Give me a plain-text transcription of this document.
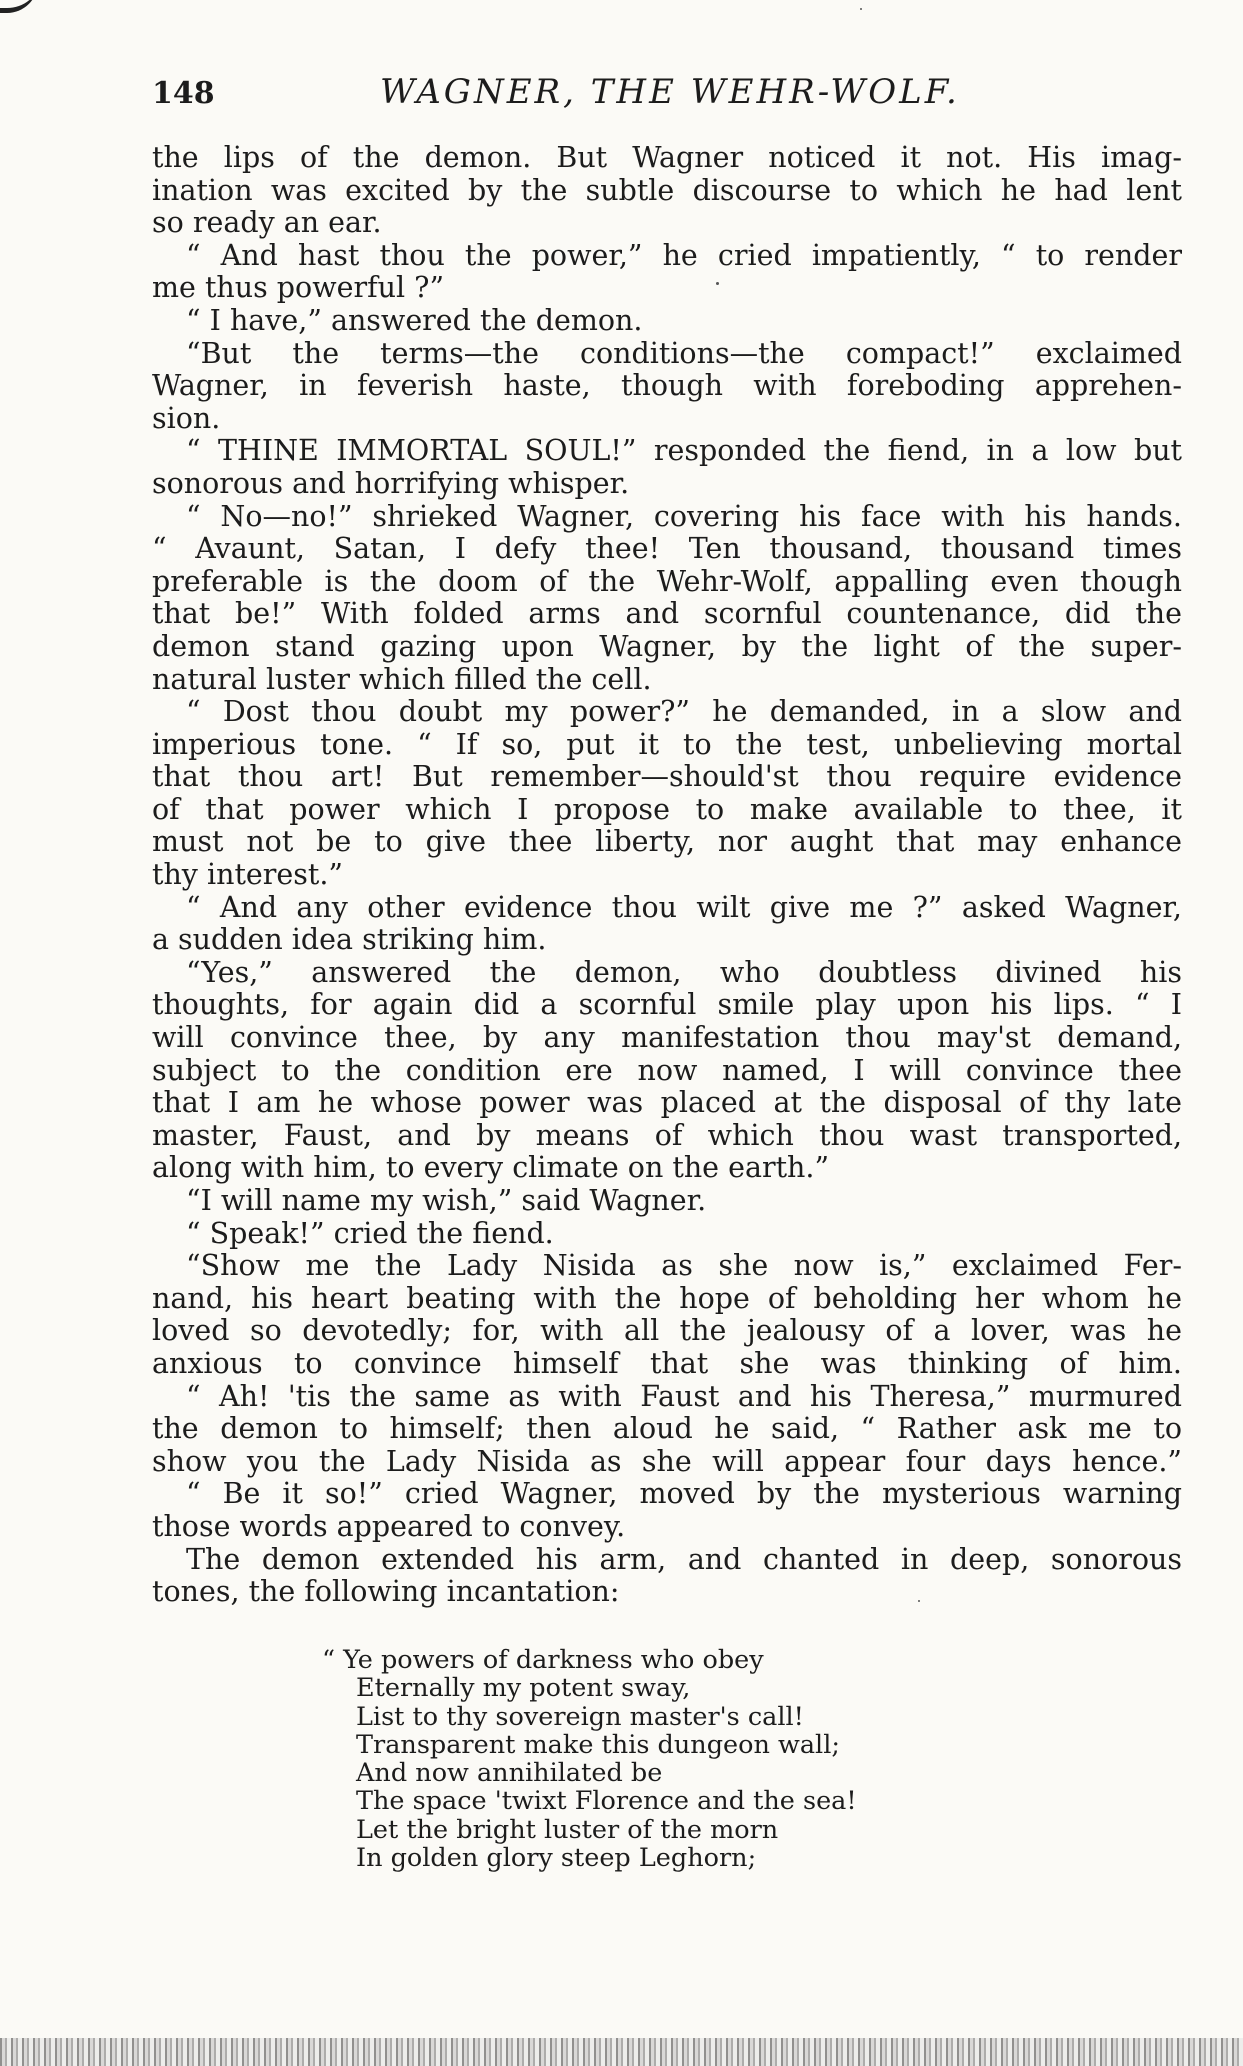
148	WAGNER, THE WEHR-WOLF.
the lips of the demon. But Wagner noticed it not. His imag-
ination was excited by the subtle discourse to which he had lent
so ready an ear.
“ And hast thou the power,” he cried impatiently, “ to render
me thus powerful ?”
“ I have,” answered the demon.
“But the terms—the conditions—the compact!” exclaimed
Wagner, in feverish haste, though with foreboding apprehen-
sion.
“ THINE IMMORTAL SOUL!” responded the fiend, in a low but
sonorous and horrifying whisper.
“ No—no!” shrieked Wagner, covering his face with his hands.
“ Avaunt, Satan, I defy thee! Ten thousand, thousand times
preferable is the doom of the Wehr-Wolf, appalling even though
that be!” With folded arms and scornful countenance, did the
demon stand gazing upon Wagner, by the light of the super-
natural luster which filled the cell.
“ Dost thou doubt my power?” he demanded, in a slow and
imperious tone. “ If so, put it to the test, unbelieving mortal
that thou art! But remember—should'st thou require evidence
of that power which I propose to make available to thee, it
must not be to give thee liberty, nor aught that may enhance
thy interest.”
“ And any other evidence thou wilt give me ?” asked Wagner,
a sudden idea striking him.
“Yes,” answered the demon, who doubtless divined his
thoughts, for again did a scornful smile play upon his lips. “ I
will convince thee, by any manifestation thou may'st demand,
subject to the condition ere now named, I will convince thee
that I am he whose power was placed at the disposal of thy late
master, Faust, and by means of which thou wast transported,
along with him, to every climate on the earth.”
“I will name my wish,” said Wagner.
“ Speak!” cried the fiend.
“Show me the Lady Nisida as she now is,” exclaimed Fer-
nand, his heart beating with the hope of beholding her whom he
loved so devotedly; for, with all the jealousy of a lover, was he
anxious to convince himself that she was thinking of him.
“ Ah! 'tis the same as with Faust and his Theresa,” murmured
the demon to himself; then aloud he said, “ Rather ask me to
show you the Lady Nisida as she will appear four days hence.”
“ Be it so!” cried Wagner, moved by the mysterious warning
those words appeared to convey.
The demon extended his arm, and chanted in deep, sonorous
tones, the following incantation:
“ Ye powers of darkness who obey
Eternally my potent sway,
List to thy sovereign master's call!
Transparent make this dungeon wall;
And now annihilated be
The space 'twixt Florence and the sea!
Let the bright luster of the morn
In golden glory steep Leghorn;
